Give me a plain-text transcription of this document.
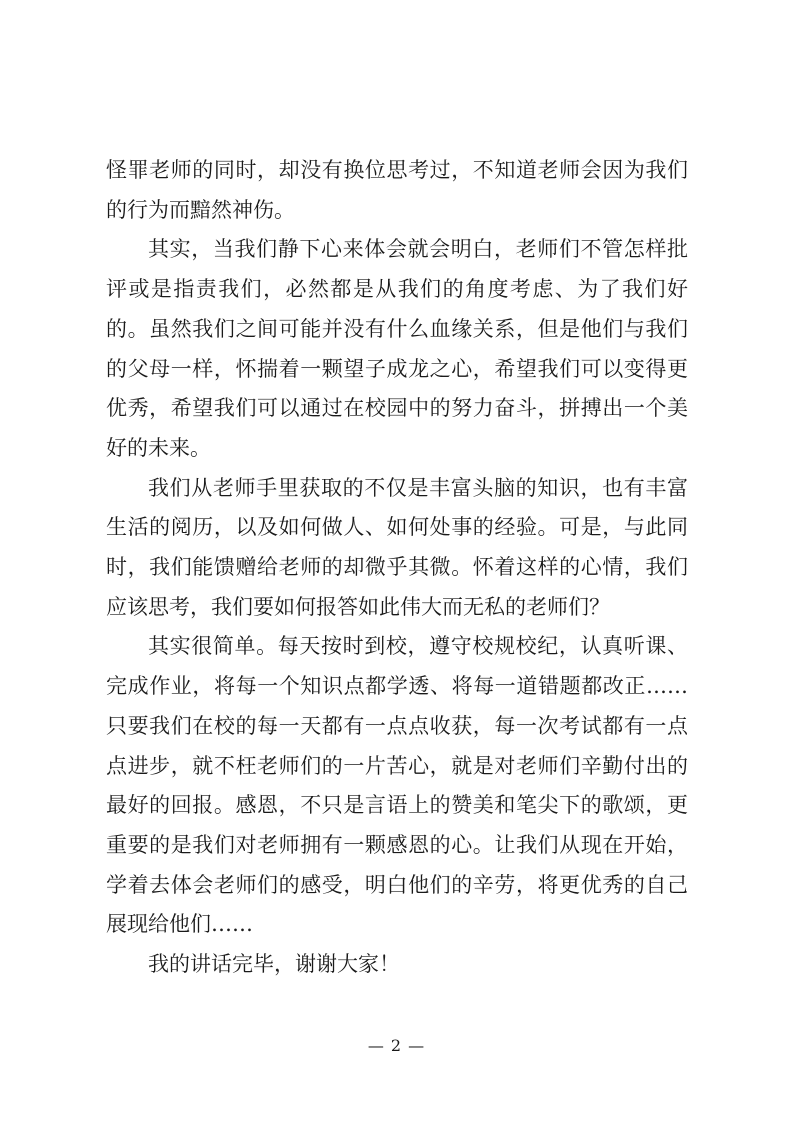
怪罪老师的同时，却没有换位思考过，不知道老师会因为我们的行为而黯然神伤。

其实，当我们静下心来体会就会明白，老师们不管怎样批评或是指责我们，必然都是从我们的角度考虑、为了我们好的。虽然我们之间可能并没有什么血缘关系，但是他们与我们的父母一样，怀揣着一颗望子成龙之心，希望我们可以变得更优秀，希望我们可以通过在校园中的努力奋斗，拼搏出一个美好的未来。

我们从老师手里获取的不仅是丰富头脑的知识，也有丰富生活的阅历，以及如何做人、如何处事的经验。可是，与此同时，我们能馈赠给老师的却微乎其微。怀着这样的心情，我们应该思考，我们要如何报答如此伟大而无私的老师们？

其实很简单。每天按时到校，遵守校规校纪，认真听课、完成作业，将每一个知识点都学透、将每一道错题都改正……只要我们在校的每一天都有一点点收获，每一次考试都有一点点进步，就不枉老师们的一片苦心，就是对老师们辛勤付出的最好的回报。感恩，不只是言语上的赞美和笔尖下的歌颂，更重要的是我们对老师拥有一颗感恩的心。让我们从现在开始，学着去体会老师们的感受，明白他们的辛劳，将更优秀的自己展现给他们……

我的讲话完毕，谢谢大家！

— 2 —
